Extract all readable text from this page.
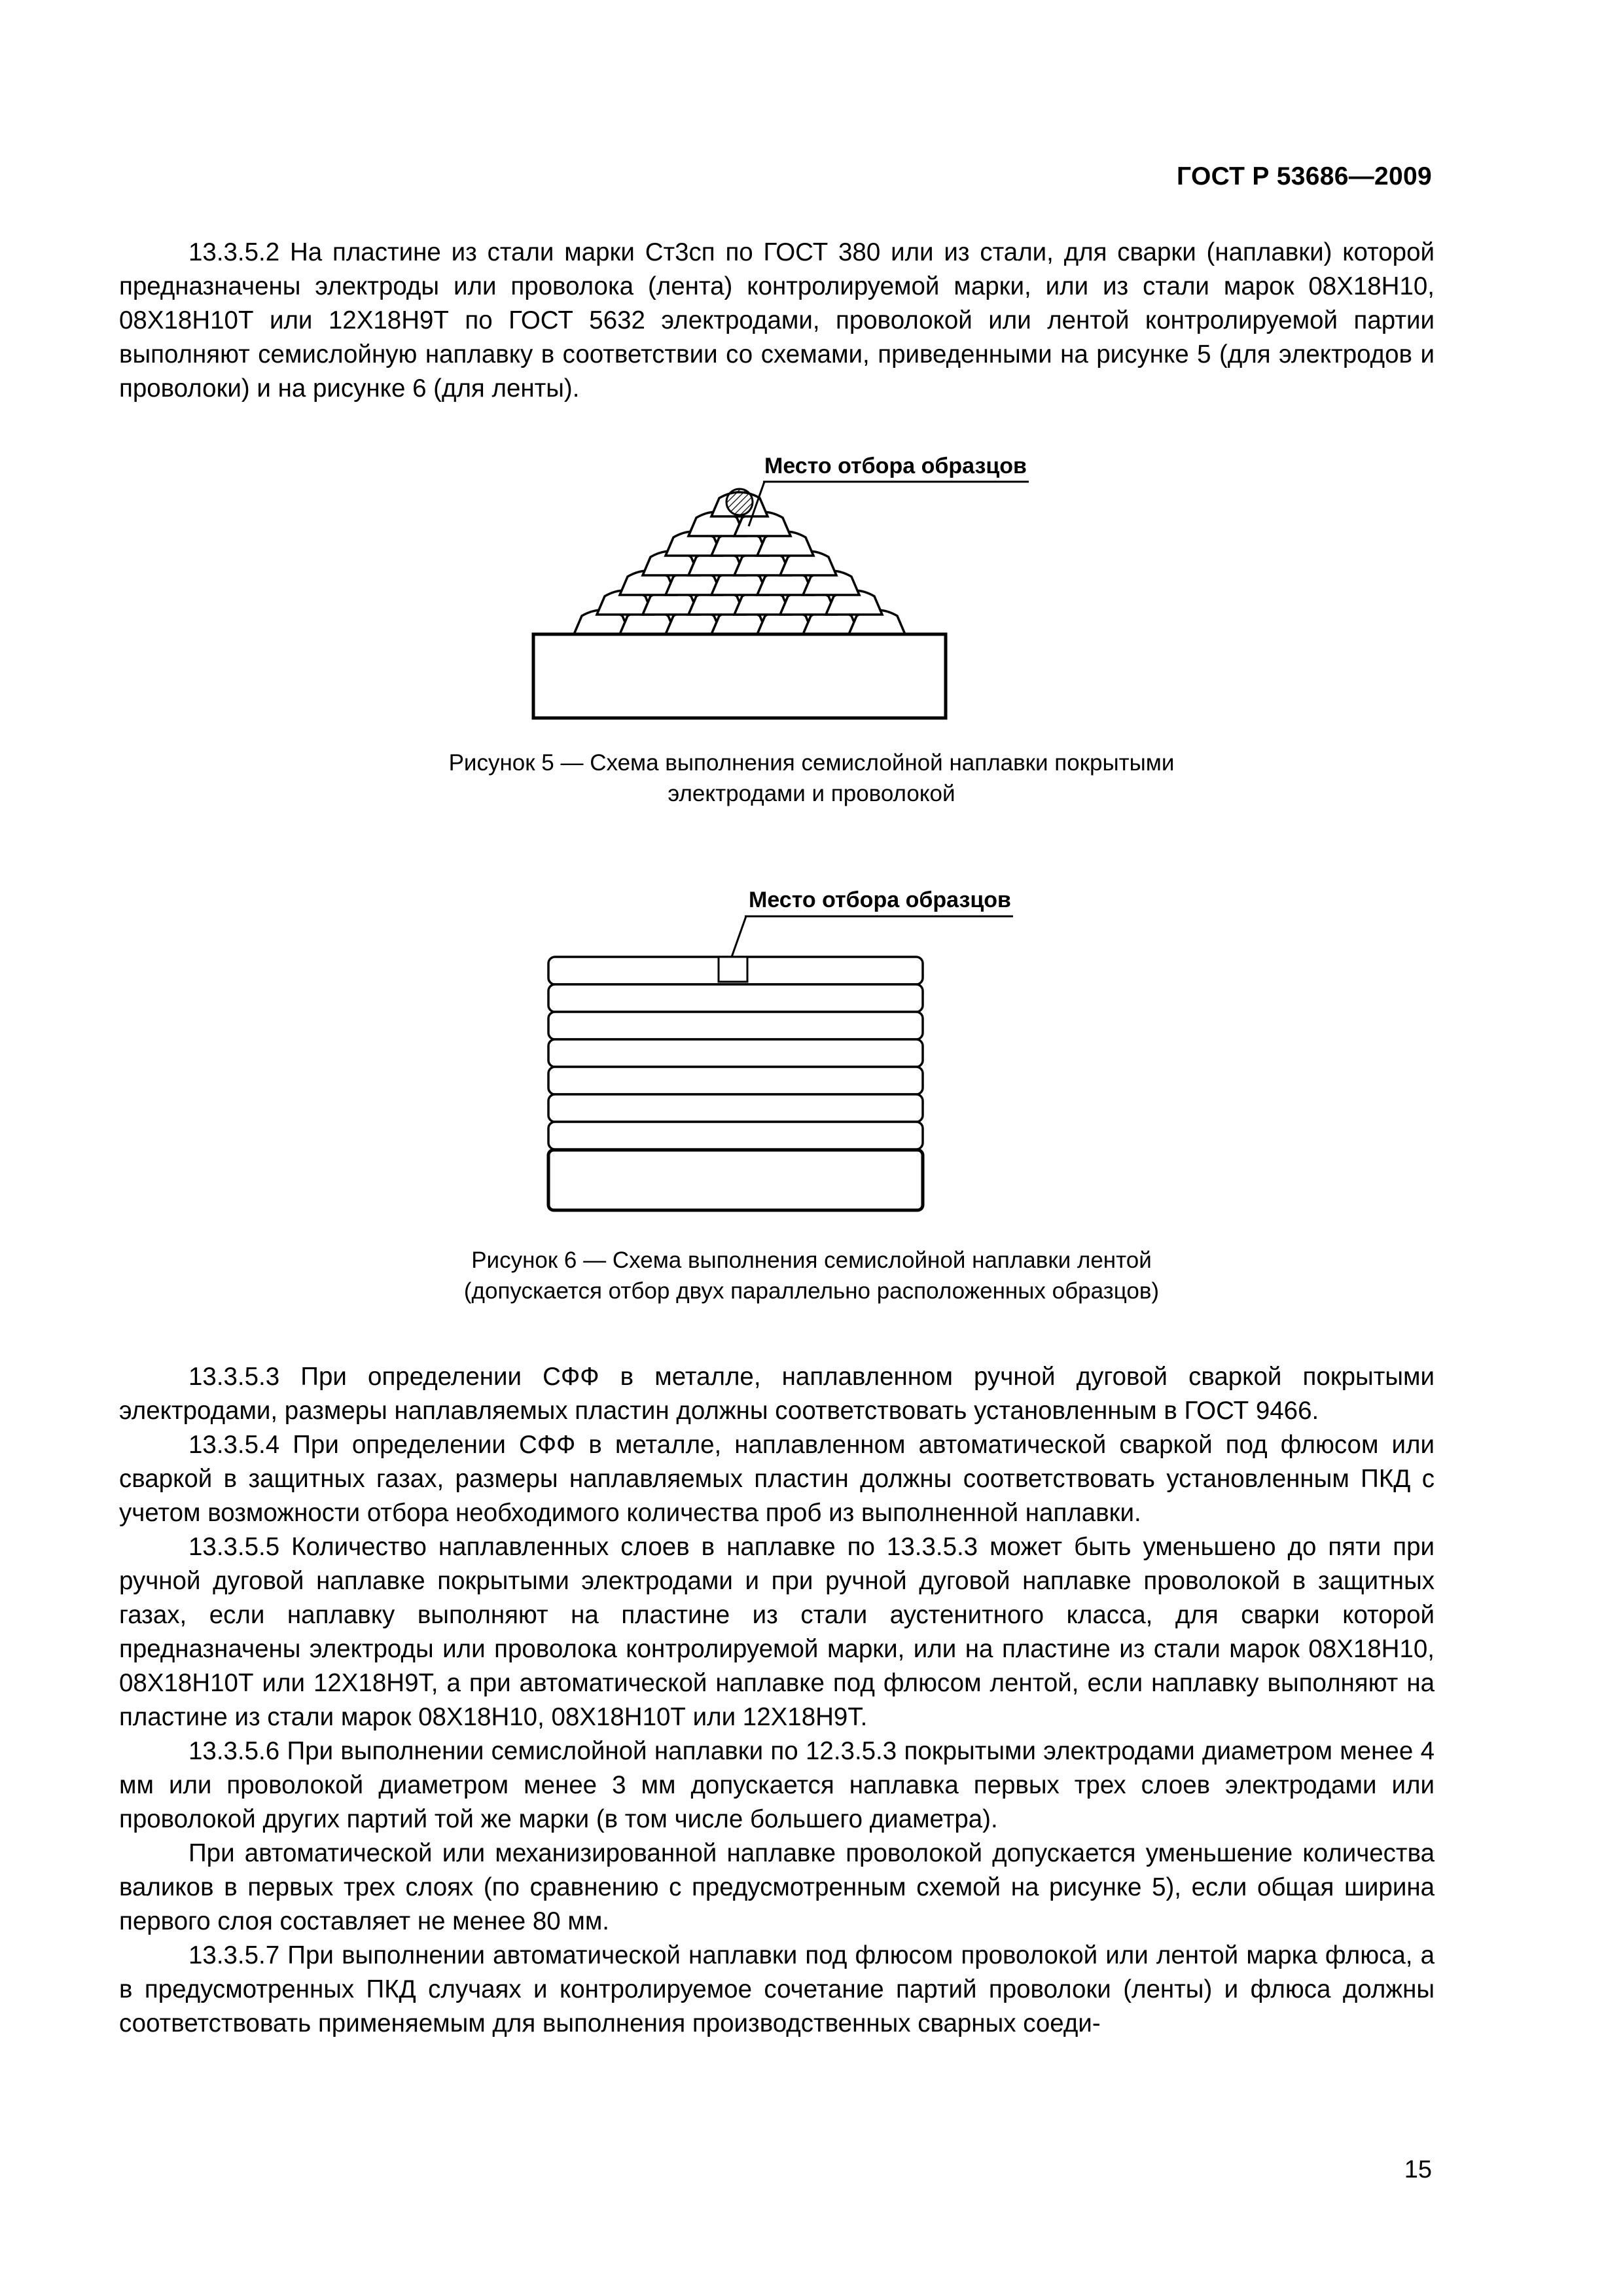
ГОСТ Р 53686—2009

13.3.5.2 На пластине из стали марки Ст3сп по ГОСТ 380 или из стали, для сварки (наплавки) которой предназначены электроды или проволока (лента) контролируемой марки, или из стали марок 08Х18Н10, 08Х18Н10Т или 12Х18Н9Т по ГОСТ 5632 электродами, проволокой или лентой контролируемой партии выполняют семислойную наплавку в соответствии со схемами, приведенными на рисунке 5 (для электродов и проволоки) и на рисунке 6 (для ленты).

Место отбора образцов
Рисунок 5 — Схема выполнения семислойной наплавки покрытыми
электродами и проволокой
Место отбора образцов
Рисунок 6 — Схема выполнения семислойной наплавки лентой
(допускается отбор двух параллельно расположенных образцов)

13.3.5.3 При определении СФФ в металле, наплавленном ручной дуговой сваркой покрытыми электродами, размеры наплавляемых пластин должны соответствовать установленным в ГОСТ 9466.

13.3.5.4 При определении СФФ в металле, наплавленном автоматической сваркой под флюсом или сваркой в защитных газах, размеры наплавляемых пластин должны соответствовать установленным ПКД с учетом возможности отбора необходимого количества проб из выполненной наплавки.

13.3.5.5 Количество наплавленных слоев в наплавке по 13.3.5.3 может быть уменьшено до пяти при ручной дуговой наплавке покрытыми электродами и при ручной дуговой наплавке проволокой в защитных газах, если наплавку выполняют на пластине из стали аустенитного класса, для сварки которой предназначены электроды или проволока контролируемой марки, или на пластине из стали марок 08Х18Н10, 08Х18Н10Т или 12Х18Н9Т, а при автоматической наплавке под флюсом лентой, если наплавку выполняют на пластине из стали марок 08Х18Н10, 08Х18Н10Т или 12Х18Н9Т.

13.3.5.6 При выполнении семислойной наплавки по 12.3.5.3 покрытыми электродами диаметром менее 4 мм или проволокой диаметром менее 3 мм допускается наплавка первых трех слоев электродами или проволокой других партий той же марки (в том числе большего диаметра).

При автоматической или механизированной наплавке проволокой допускается уменьшение количества валиков в первых трех слоях (по сравнению с предусмотренным схемой на рисунке 5), если общая ширина первого слоя составляет не менее 80 мм.

13.3.5.7 При выполнении автоматической наплавки под флюсом проволокой или лентой марка флюса, а в предусмотренных ПКД случаях и контролируемое сочетание партий проволоки (ленты) и флюса должны соответствовать применяемым для выполнения производственных сварных соеди-

15
